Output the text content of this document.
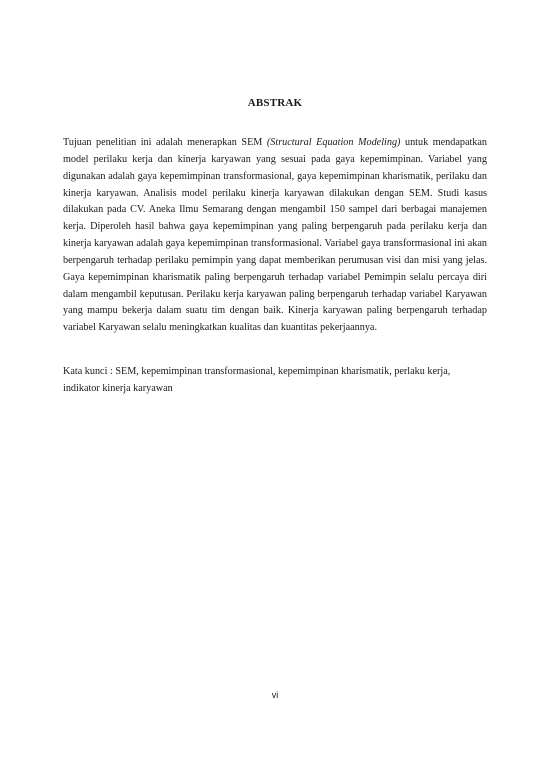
ABSTRAK

Tujuan penelitian ini adalah menerapkan SEM (Structural Equation Modeling) untuk mendapatkan model perilaku kerja dan kinerja karyawan yang sesuai pada gaya kepemimpinan. Variabel yang digunakan adalah gaya kepemimpinan transformasional, gaya kepemimpinan kharismatik, perilaku dan kinerja karyawan. Analisis model perilaku kinerja karyawan dilakukan dengan SEM. Studi kasus dilakukan pada CV. Aneka Ilmu Semarang dengan mengambil 150 sampel dari berbagai manajemen kerja. Diperoleh hasil bahwa gaya kepemimpinan yang paling berpengaruh pada perilaku kerja dan kinerja karyawan adalah gaya kepemimpinan transformasional. Variabel gaya transformasional ini akan berpengaruh terhadap perilaku pemimpin yang dapat memberikan perumusan visi dan misi yang jelas. Gaya kepemimpinan kharismatik paling berpengaruh terhadap variabel Pemimpin selalu percaya diri dalam mengambil keputusan. Perilaku kerja karyawan paling berpengaruh terhadap variabel Karyawan yang mampu bekerja dalam suatu tim dengan baik. Kinerja karyawan paling berpengaruh terhadap variabel Karyawan selalu meningkatkan kualitas dan kuantitas pekerjaannya.

Kata kunci : SEM, kepemimpinan transformasional, kepemimpinan kharismatik, perlaku kerja, indikator kinerja karyawan

vi
